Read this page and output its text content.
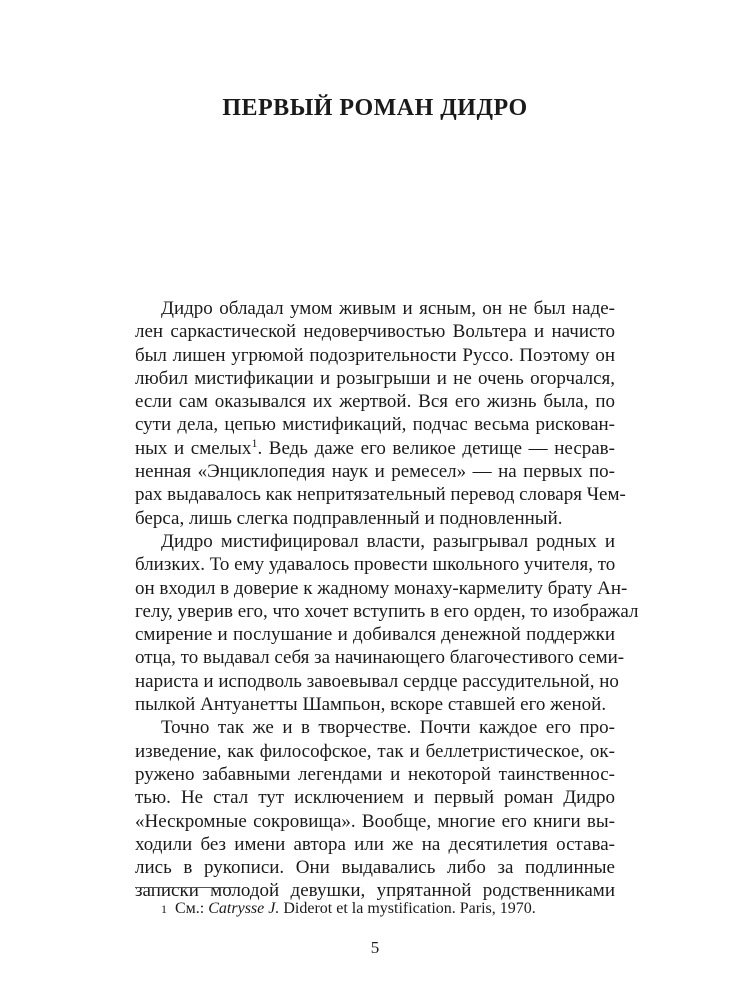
ПЕРВЫЙ РОМАН ДИДРО
Дидро обладал умом живым и ясным, он не был наде-
лен саркастической недоверчивостью Вольтера и начисто
был лишен угрюмой подозрительности Руссо. Поэтому он
любил мистификации и розыгрыши и не очень огорчался,
если сам оказывался их жертвой. Вся его жизнь была, по
сути дела, цепью мистификаций, подчас весьма рискован-
ных и смелых$^1$. Ведь даже его великое детище — несрав-
ненная «Энциклопедия наук и ремесел» — на первых по-
рах выдавалось как непритязательный перевод словаря Чем-
берса, лишь слегка подправленный и подновленный.
Дидро мистифицировал власти, разыгрывал родных и
близких. То ему удавалось провести школьного учителя, то
он входил в доверие к жадному монаху-кармелиту брату Ан-
гелу, уверив его, что хочет вступить в его орден, то изображал
смирение и послушание и добивался денежной поддержки
отца, то выдавал себя за начинающего благочестивого семи-
нариста и исподволь завоевывал сердце рассудительной, но
пылкой Антуанетты Шампьон, вскоре ставшей его женой.
Точно так же и в творчестве. Почти каждое его про-
изведение, как философское, так и беллетристическое, ок-
ружено забавными легендами и некоторой таинственнос-
тью. Не стал тут исключением и первый роман Дидро
«Нескромные сокровища». Вообще, многие его книги вы-
ходили без имени автора или же на десятилетия остава-
лись в рукописи. Они выдавались либо за подлинные
записки молодой девушки, упрятанной родственниками
$^1$ См.: Catrysse J. Diderot et la mystification. Paris, 1970.
5
